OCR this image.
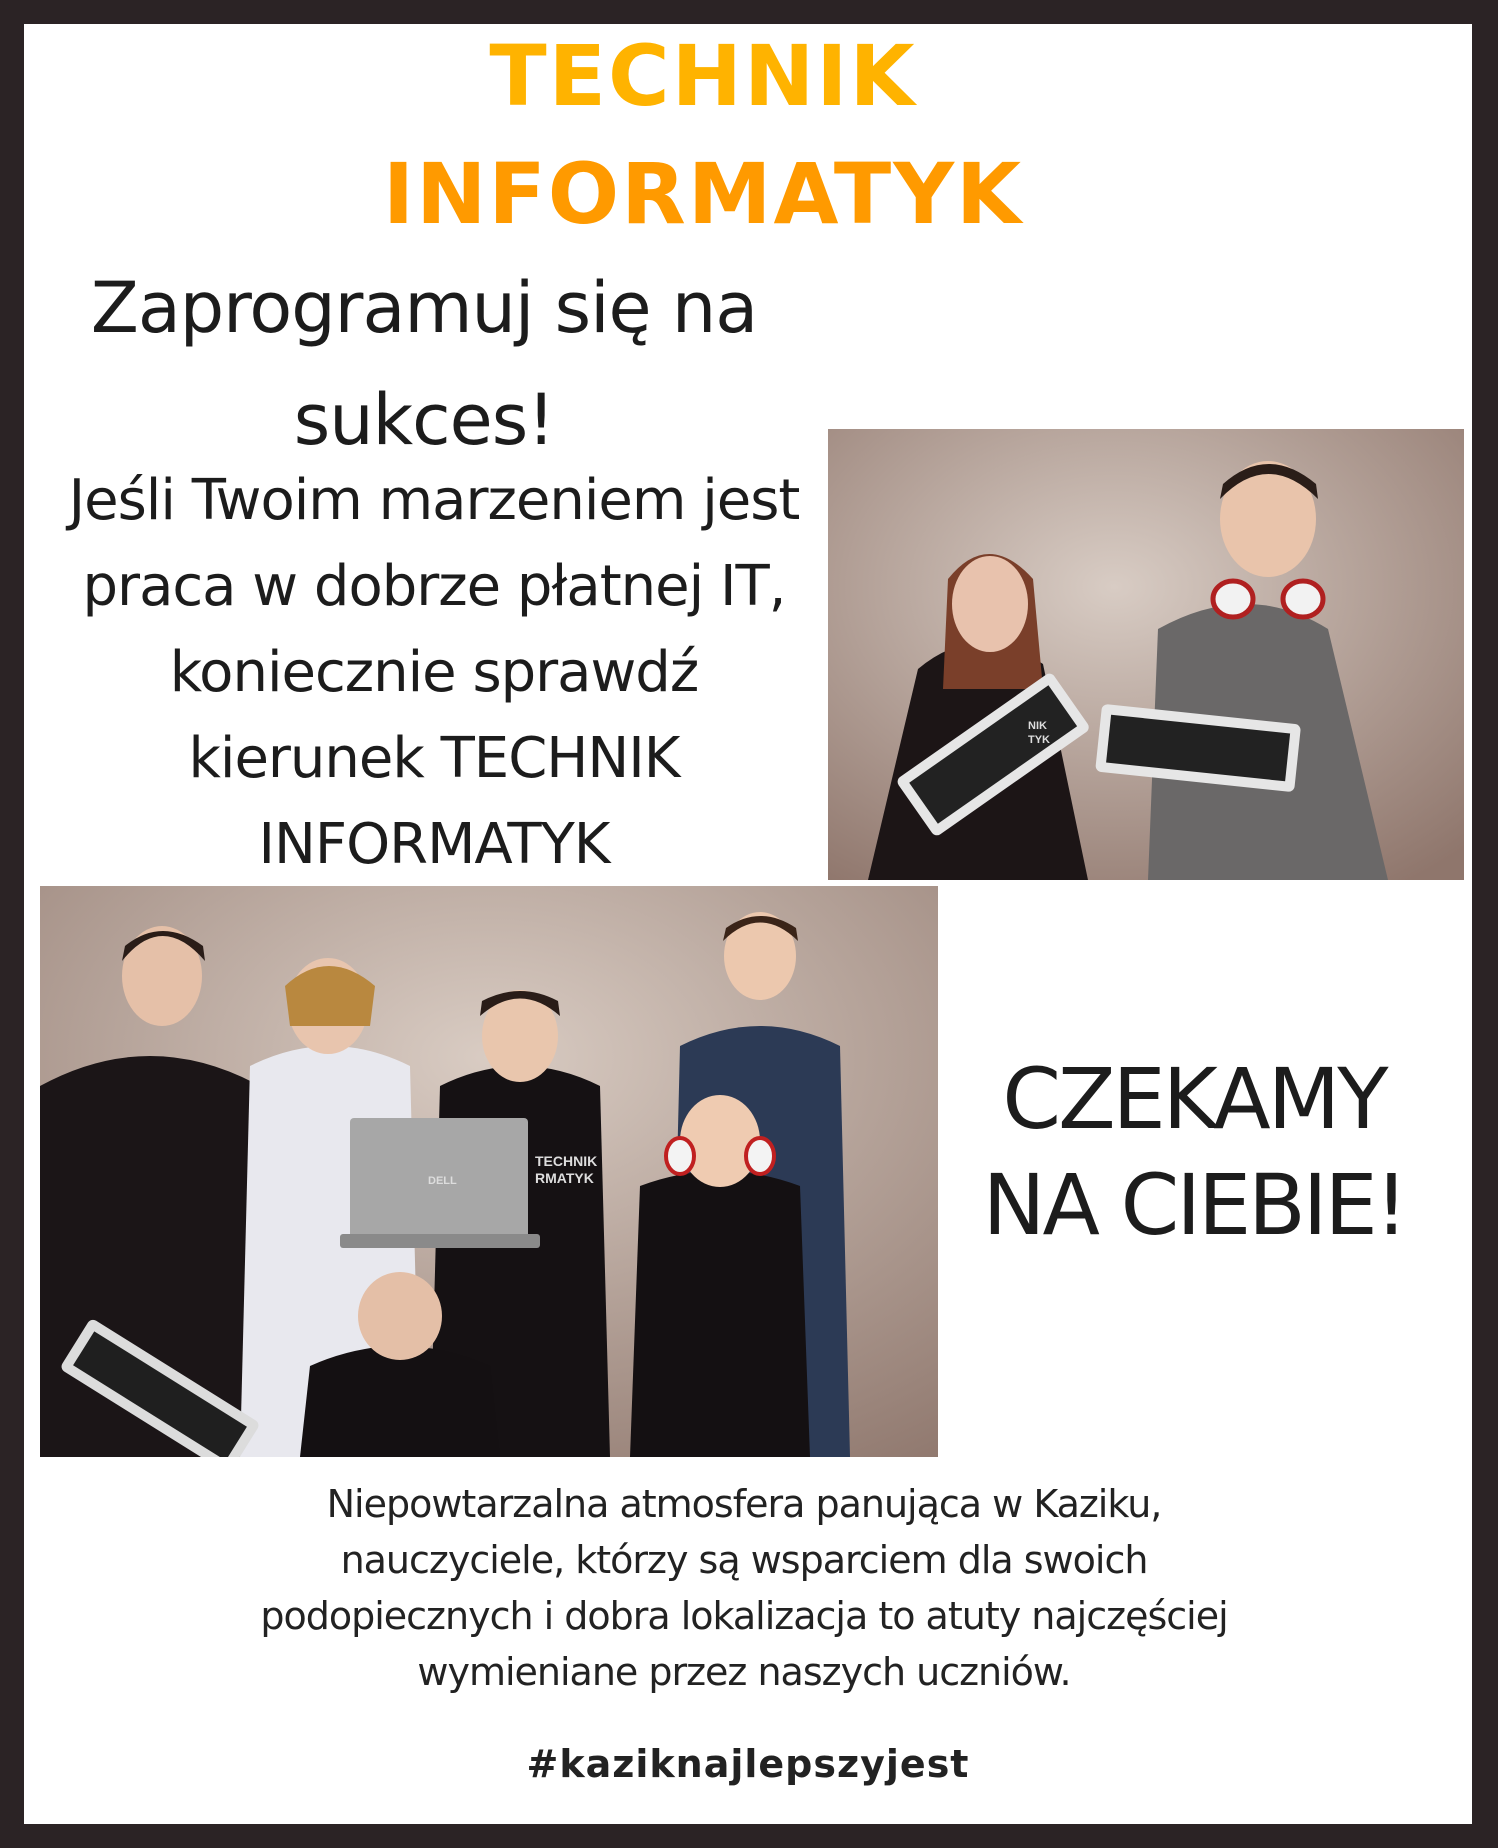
TECHNIK
INFORMATYK
Zaprogramuj się na
sukces!
Jeśli Twoim marzeniem jest
praca w dobrze płatnej IT,
koniecznie sprawdź
kierunek TECHNIK
INFORMATYK
NIK
TYK
DELL
TECHNIK
RMATYK
CZEKAMY
NA CIEBIE!
Niepowtarzalna atmosfera panująca w Kaziku,
nauczyciele, którzy są wsparciem dla swoich
podopiecznych i dobra lokalizacja to atuty najczęściej
wymieniane przez naszych uczniów.

#kaziknajlepszyjest
